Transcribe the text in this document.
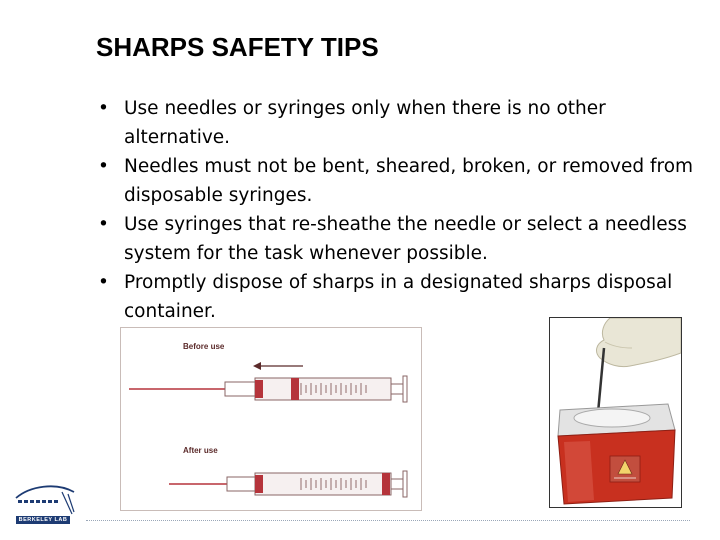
SHARPS SAFETY TIPS
• Use needles or syringes only when there is no other alternative.
• Needles must not be bent, sheared, broken, or removed from disposable syringes.
• Use syringes that re-sheathe the needle or select a needless system for the task whenever possible.
• Promptly dispose of sharps in a designated sharps disposal container.
Before use
After use
BERKELEY LAB
